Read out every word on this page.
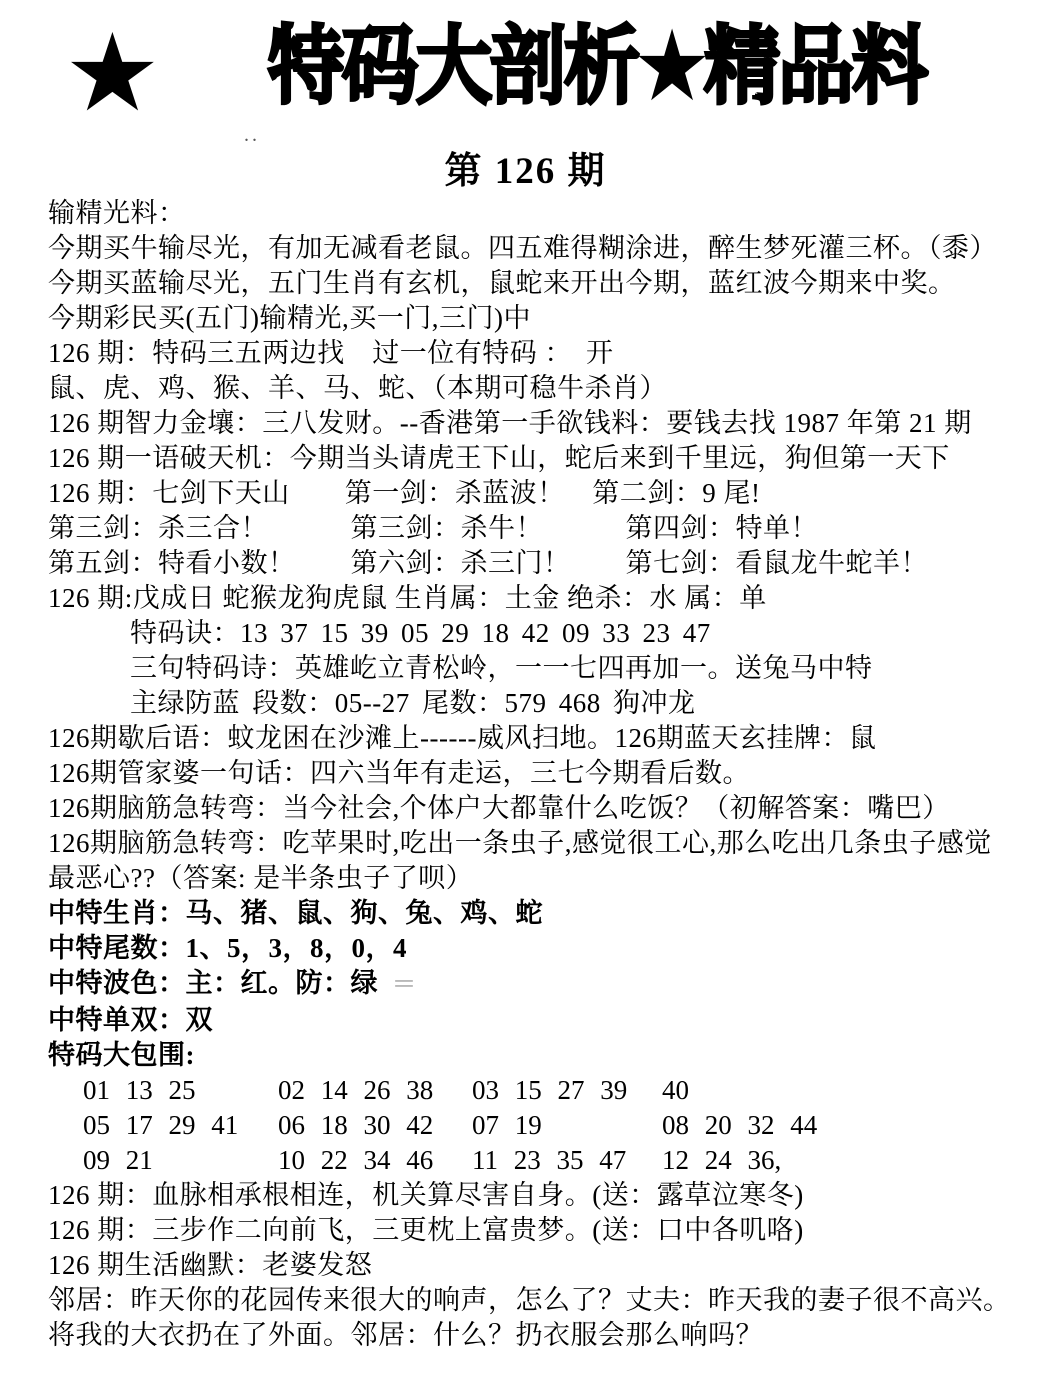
★ 特码大剖析★精品料
..
第 126 期
输精光料：
今期买牛输尽光，有加无减看老鼠。四五难得糊涂进，醉生梦死灌三杯。（黍）
今期买蓝输尽光，五门生肖有玄机，鼠蛇来开出今期，蓝红波今期来中奖。
今期彩民买(五门)输精光,买一门,三门)中
126 期：特码三五两边找　过一位有特码 ：　开
鼠、虎、鸡、猴、羊、马、蛇、（本期可稳牛杀肖）
126 期智力金壤：三八发财。--香港第一手欲钱料：要钱去找 1987 年第 21 期
126 期一语破天机：今期当头请虎王下山，蛇后来到千里远，狗但第一天下
126 期：七剑下天山　　第一剑：杀蓝波！　第二剑：9 尾!
第三剑：杀三合！　　　第三剑：杀牛！　　　第四剑：特单！
第五剑：特看小数！　　第六剑：杀三门！　　第七剑：看鼠龙牛蛇羊！
126 期:戊成日 蛇猴龙狗虎鼠 生肖属：土金 绝杀：水 属：单
特码诀：13 37 15 39 05 29 18 42 09 33 23 47
三句特码诗：英雄屹立青松岭，一一七四再加一。送兔马中特
主绿防蓝 段数：05--27 尾数：579 468 狗冲龙
126期歇后语：蚊龙困在沙滩上------威风扫地。126期蓝天玄挂牌：鼠
126期管家婆一句话：四六当年有走运，三七今期看后数。
126期脑筋急转弯：当今社会,个体户大都靠什么吃饭？（初解答案：嘴巴）
126期脑筋急转弯：吃苹果时,吃出一条虫子,感觉很工心,那么吃出几条虫子感觉
最恶心??（答案: 是半条虫子了呗）
中特生肖：马、猪、鼠、狗、兔、鸡、蛇
中特尾数：1、5，3，8，0，4
中特波色：主：红。防：绿 ＝
中特单双：双
特码大包围:
01 13 25	02 14 26 38	03 15 27 39	40
05 17 29 41	06 18 30 42	07 19	08 20 32 44
09 21	10 22 34 46	11 23 35 47	12 24 36,
126 期：血脉相承根相连，机关算尽害自身。(送：露草泣寒冬)
126 期：三步作二向前飞，三更枕上富贵梦。(送：口中各叽咯)
126 期生活幽默：老婆发怒
邻居：昨天你的花园传来很大的响声，怎么了？丈夫：昨天我的妻子很不高兴。
将我的大衣扔在了外面。邻居：什么？扔衣服会那么响吗？
